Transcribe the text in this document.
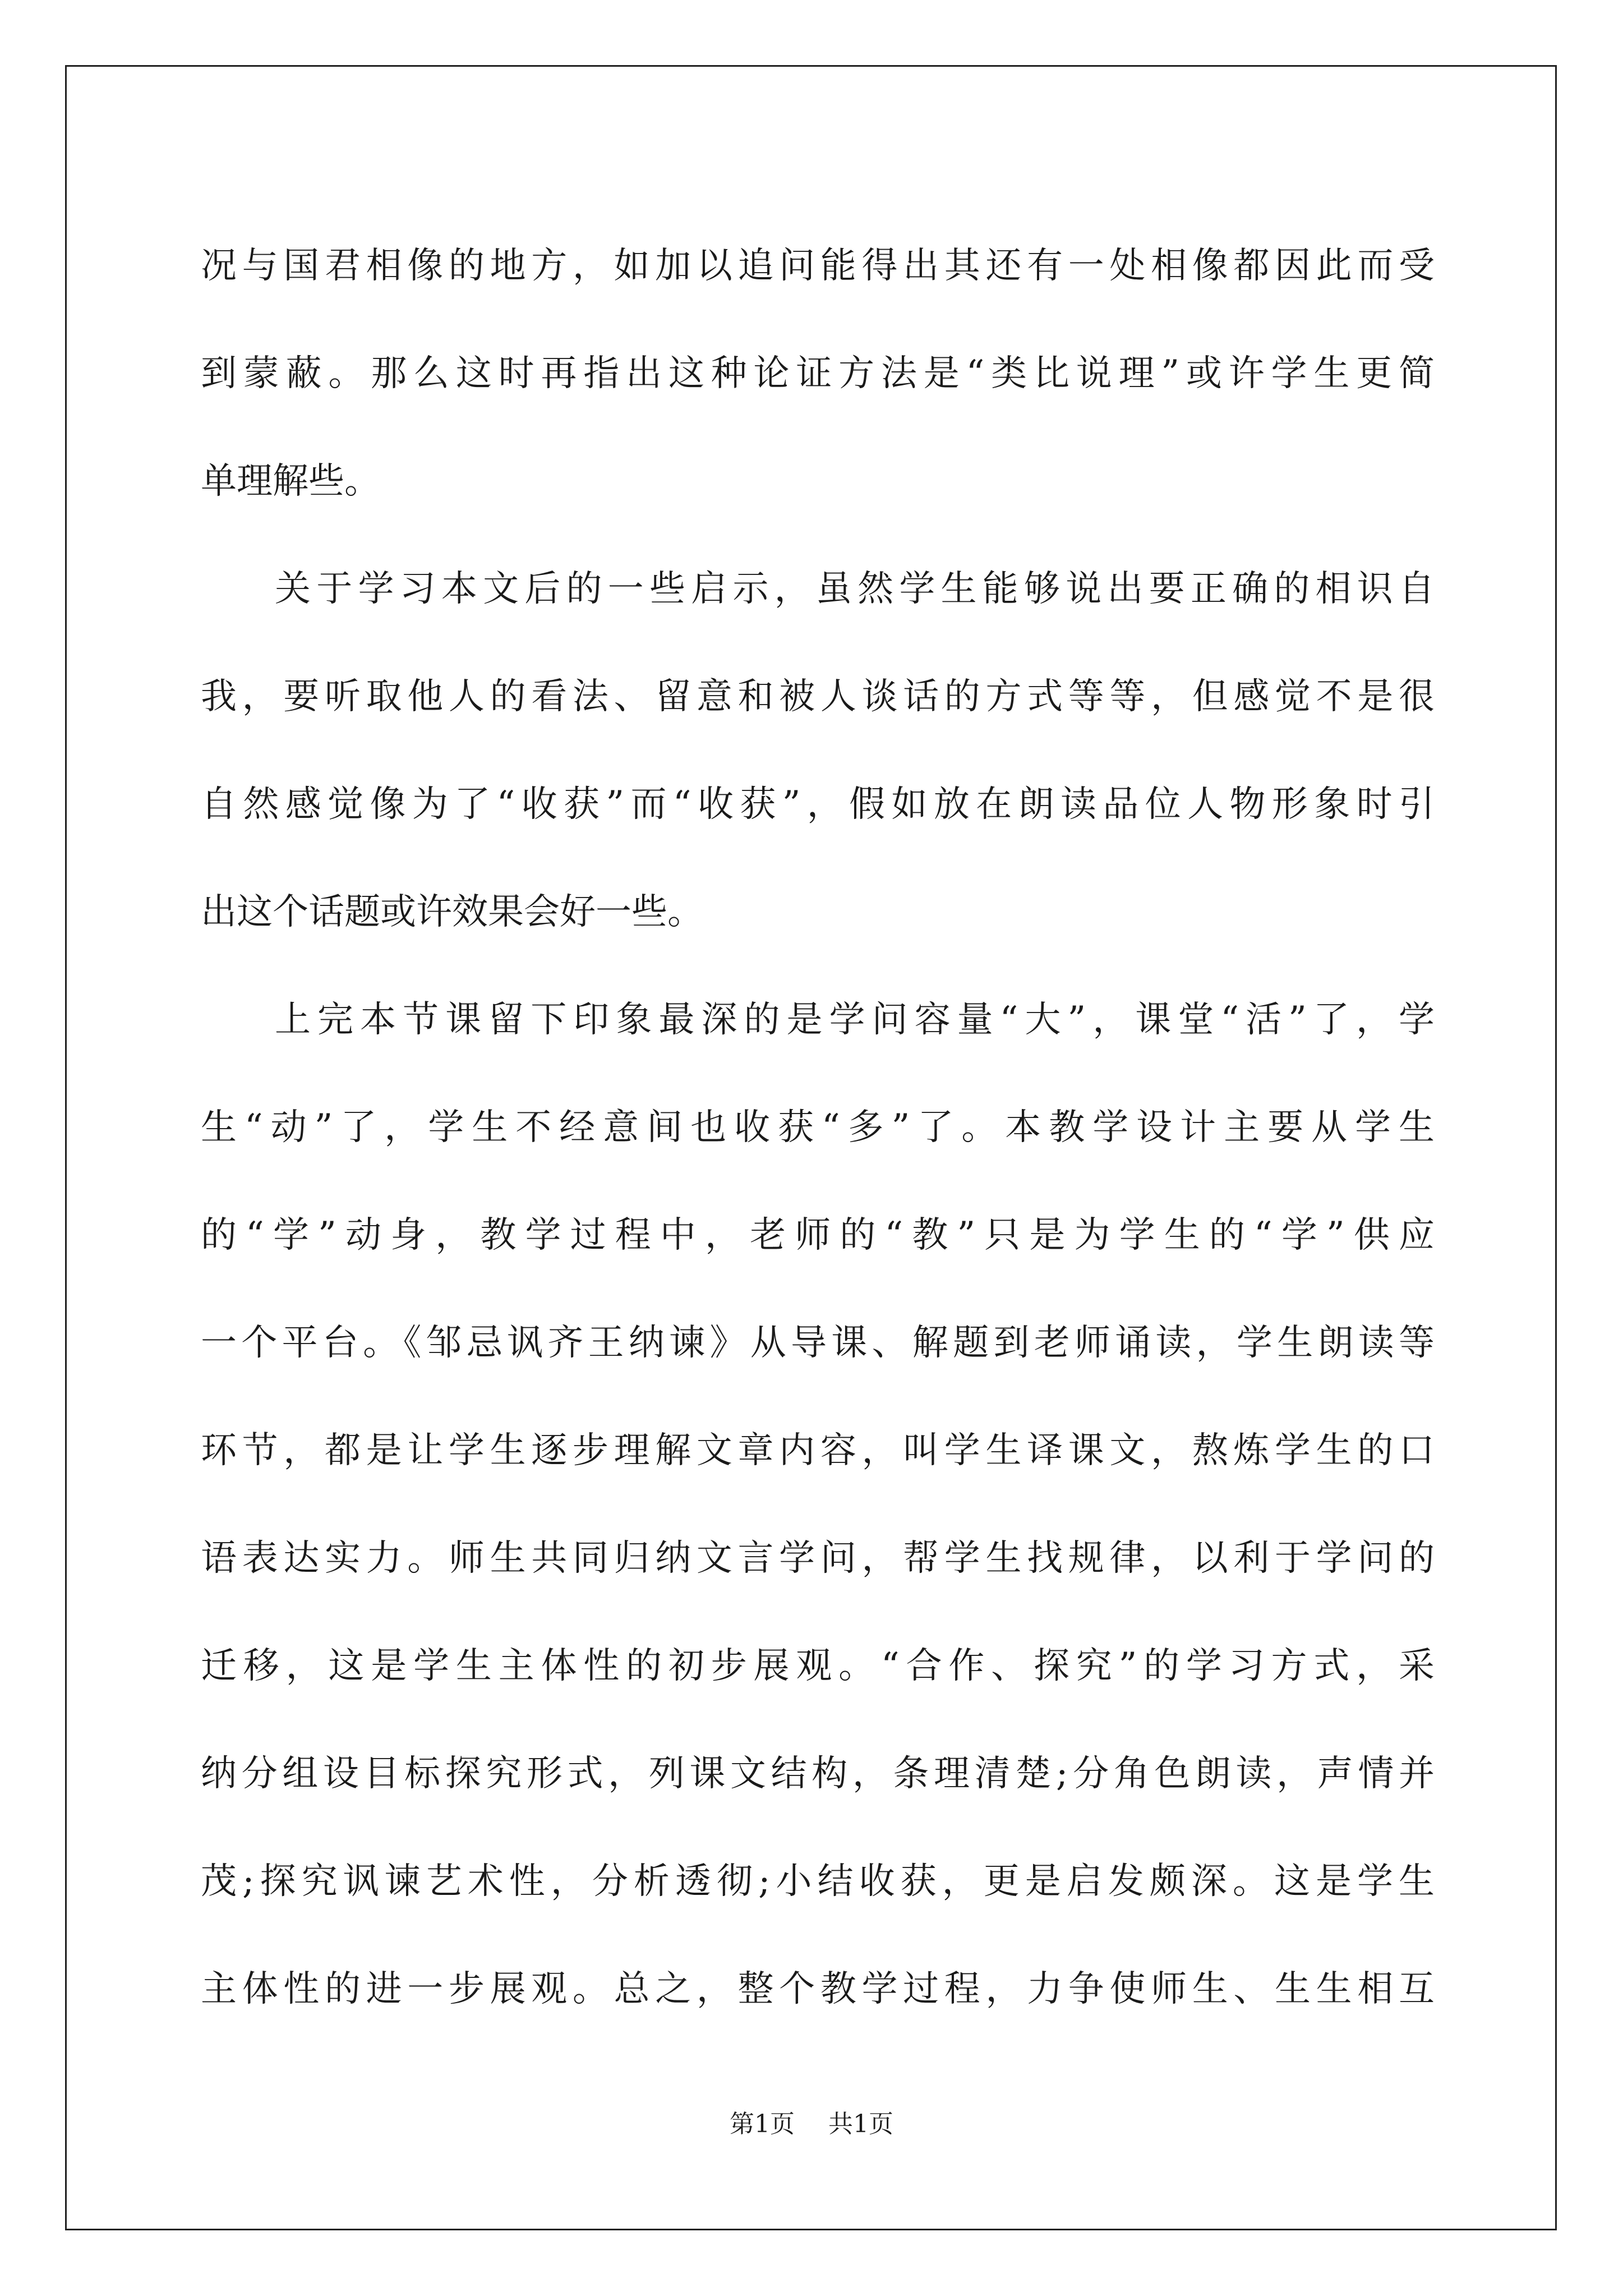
况与国君相像的地方，如加以追问能得出其还有一处相像都因此而受
到蒙蔽。那么这时再指出这种论证方法是“类比说理”或许学生更简
单理解些。
关于学习本文后的一些启示，虽然学生能够说出要正确的相识自
我，要听取他人的看法、留意和被人谈话的方式等等，但感觉不是很
自然感觉像为了“收获”而“收获”，假如放在朗读品位人物形象时引
出这个话题或许效果会好一些。
上完本节课留下印象最深的是学问容量“大”，课堂“活”了，学
生“动”了，学生不经意间也收获“多”了。本教学设计主要从学生
的“学”动身，教学过程中，老师的“教”只是为学生的“学”供应
一个平台。《邹忌讽齐王纳谏》从导课、解题到老师诵读，学生朗读等
环节，都是让学生逐步理解文章内容，叫学生译课文，熬炼学生的口
语表达实力。师生共同归纳文言学问，帮学生找规律，以利于学问的
迁移，这是学生主体性的初步展观。“合作、探究”的学习方式，采
纳分组设目标探究形式，列课文结构，条理清楚;分角色朗读，声情并
茂;探究讽谏艺术性，分析透彻;小结收获，更是启发颇深。这是学生
主体性的进一步展观。总之，整个教学过程，力争使师生、生生相互
第1页 共1页
